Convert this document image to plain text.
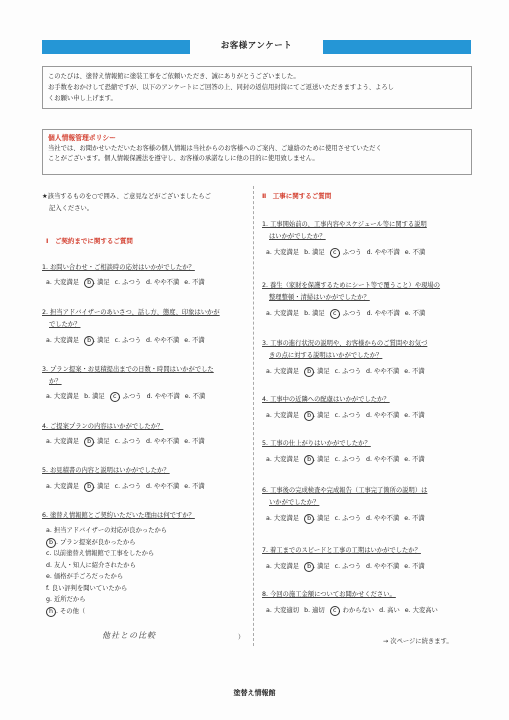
お客様アンケート
このたびは、塗替え情報館に塗装工事をご依頼いただき、誠にありがとうございました。
お手数をおかけして恐縮ですが、以下のアンケートにご回答の上、同封の返信用封筒にてご返送いただきますよう、よろし
くお願い申し上げます。
個人情報管理ポリシー
当社では、お聞かせいただいたお客様の個人情報は当社からのお客様へのご案内、ご連絡のために使用させていただく
ことがございます。個人情報保護法を遵守し、お客様の承諾なしに他の目的に使用致しません。
★該当するものを○で囲み、ご意見などがございましたらご
記入ください。
Ⅰ　ご契約までに関するご質問
1. お問い合わせ・ご相談時の応対はいかがでしたか？
a. 大変満足 b . 満足 c. ふつう d. やや不満 e. 不満
2. 担当アドバイザーのあいさつ、話し方、態度、印象はいかが
でしたか？
a. 大変満足 b . 満足 c. ふつう d. やや不満 e. 不満
3. プラン提案・お見積提出までの日数・時間はいかがでした
か？
a. 大変満足 b. 満足 c . ふつう d. やや不満 e. 不満
4. ご提案プランの内容はいかがでしたか？
a. 大変満足 b . 満足 c. ふつう d. やや不満 e. 不満
5. お見積書の内容と説明はいかがでしたか？
a. 大変満足 b . 満足 c. ふつう d. やや不満 e. 不満
6. 塗替え情報館とご契約いただいた理由は何ですか？
a. 担当アドバイザーの対応が良かったから
b . プラン提案が良かったから
c. 以前塗替え情報館で工事をしたから
d. 友人・知人に紹介されたから
e. 価格が手ごろだったから
f. 良い評判を聞いていたから
g. 近所だから
h . その他（
他社との比較	）
Ⅱ　工事に関するご質問
1. 工事開始前の、工事内容やスケジュール等に関する説明
はいかがでしたか？
a. 大変満足 b. 満足 c . ふつう d. やや不満 e. 不満
2. 養生（家財を保護するためにシート等で覆うこと）や現場の
整理整頓・清掃はいかがでしたか？
a. 大変満足 b. 満足 c . ふつう d. やや不満 e. 不満
3. 工事の進行状況の説明や、お客様からのご質問やお気づ
きの点に対する説明はいかがでしたか？
a. 大変満足 b . 満足 c. ふつう d. やや不満 e. 不満
4. 工事中の近隣への配慮はいかがでしたか？
a. 大変満足 b . 満足 c. ふつう d. やや不満 e. 不満
5. 工事の仕上がりはいかがでしたか？
a. 大変満足 b . 満足 c. ふつう d. やや不満 e. 不満
6. 工事後の完成検査や完成報告（工事完了箇所の説明）は
いかがでしたか？
a. 大変満足 b . 満足 c. ふつう d. やや不満 e. 不満
7. 着工までのスピードと工事の工期はいかがでしたか？
a. 大変満足 b . 満足 c. ふつう d. やや不満 e. 不満
8. 今回の施工金額についてお聞かせください。
a. 大変適切 b. 適切 c . わからない d. 高い e. 大変高い
→ 次ページに続きます。
塗替え情報館
